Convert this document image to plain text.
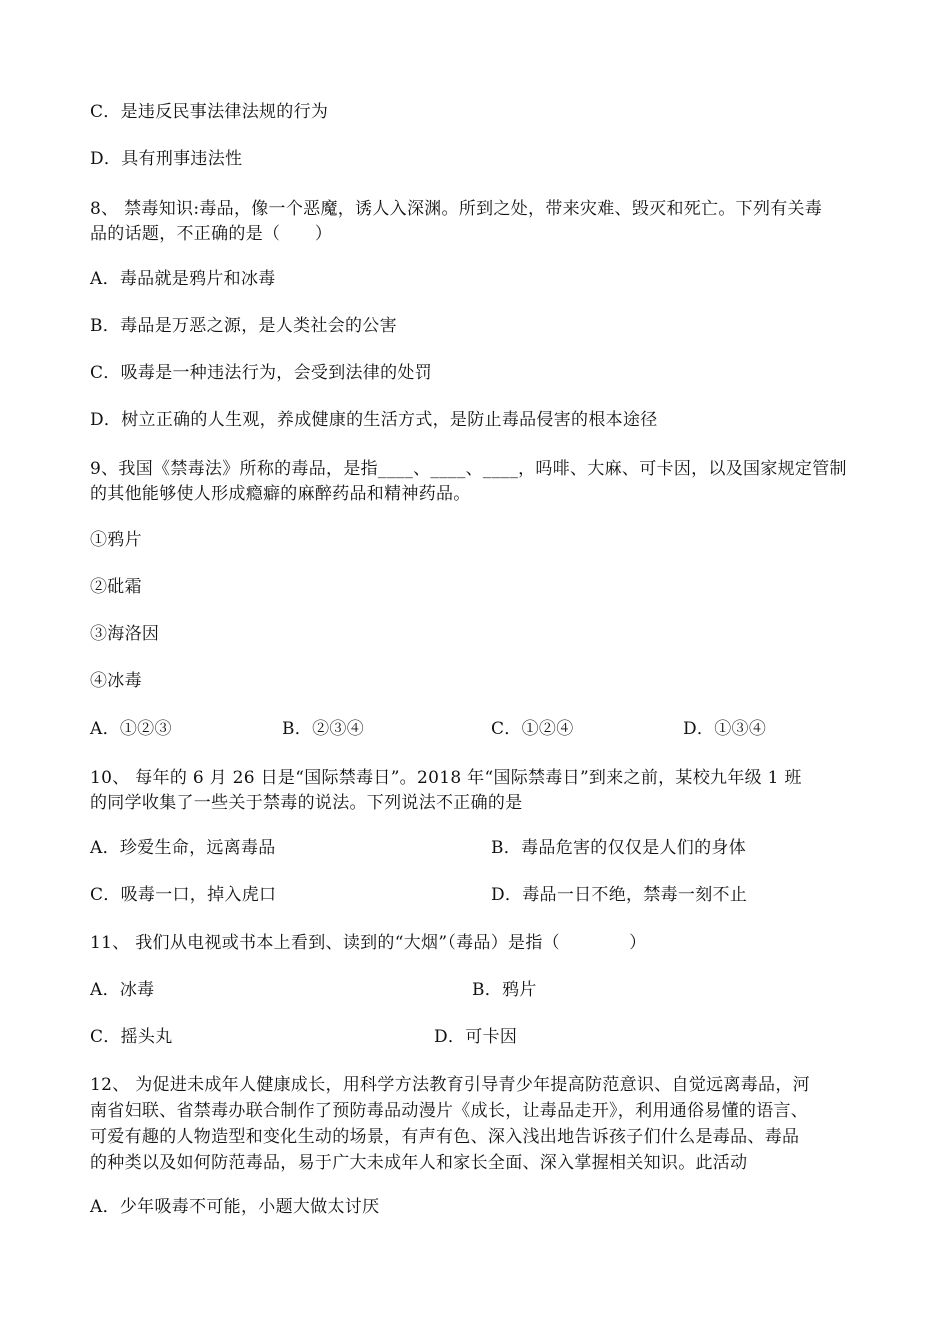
C．是违反民事法律法规的行为
D．具有刑事违法性
8、 禁毒知识:毒品，像一个恶魔，诱人入深渊。所到之处，带来灾难、毁灭和死亡。下列有关毒
品的话题，不正确的是（　　）
A．毒品就是鸦片和冰毒
B．毒品是万恶之源，是人类社会的公害
C．吸毒是一种违法行为，会受到法律的处罚
D．树立正确的人生观，养成健康的生活方式，是防止毒品侵害的根本途径
9、我国《禁毒法》所称的毒品，是指____、____、____，吗啡、大麻、可卡因，以及国家规定管制
的其他能够使人形成瘾癖的麻醉药品和精神药品。
①鸦片
②砒霜
③海洛因
④冰毒
A．①②③	B．②③④	C．①②④	D．①③④
10、 每年的 6 月 26 日是“国际禁毒日”。2018 年“国际禁毒日”到来之前，某校九年级 1 班
的同学收集了一些关于禁毒的说法。下列说法不正确的是
A．珍爱生命，远离毒品	B．毒品危害的仅仅是人们的身体
C．吸毒一口，掉入虎口	D．毒品一日不绝，禁毒一刻不止
11、 我们从电视或书本上看到、读到的“大烟”（毒品）是指（　　　　）
A．冰毒	B．鸦片
C．摇头丸	D．可卡因
12、 为促进未成年人健康成长，用科学方法教育引导青少年提高防范意识、自觉远离毒品，河
南省妇联、省禁毒办联合制作了预防毒品动漫片《成长，让毒品走开》，利用通俗易懂的语言、
可爱有趣的人物造型和变化生动的场景，有声有色、深入浅出地告诉孩子们什么是毒品、毒品
的种类以及如何防范毒品，易于广大未成年人和家长全面、深入掌握相关知识。此活动
A．少年吸毒不可能，小题大做太讨厌
